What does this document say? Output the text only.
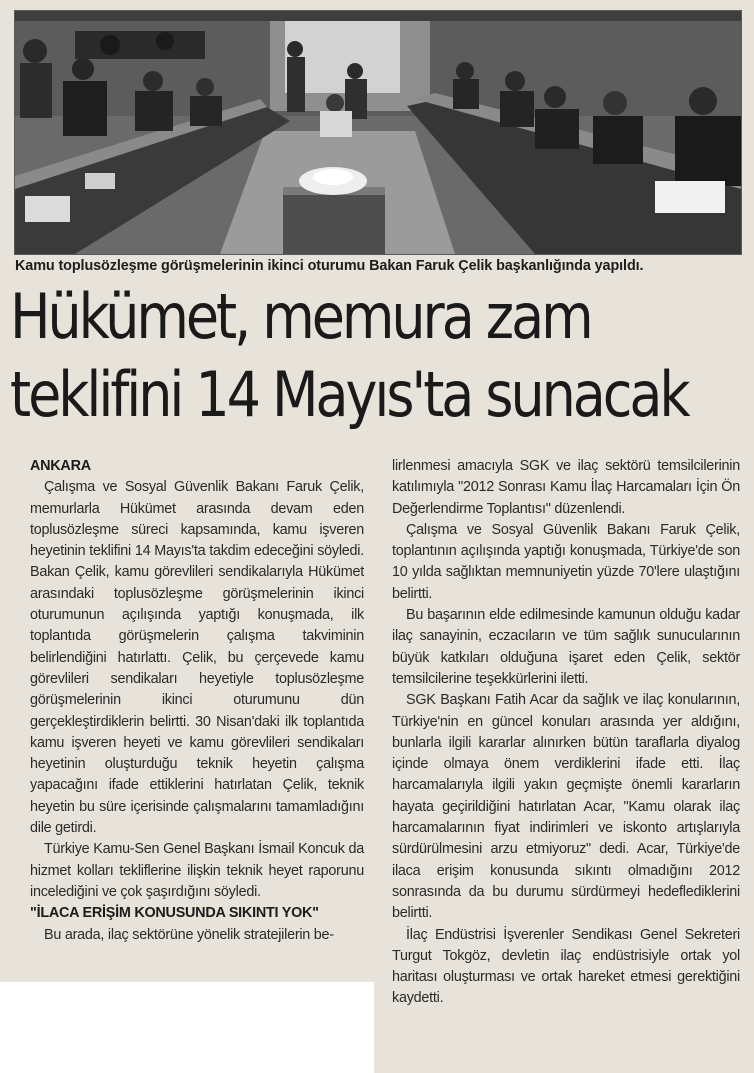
Kamu toplusözleşme görüşmelerinin ikinci oturumu Bakan Faruk Çelik başkanlığında yapıldı.

Hükümet, memura zam
teklifini 14 Mayıs'ta sunacak

ANKARA

Çalışma ve Sosyal Güvenlik Bakanı Faruk Çelik, memurlarla Hükümet arasında devam eden toplusözleşme süreci kapsamında, kamu işveren heyetinin teklifini 14 Mayıs'ta takdim edeceğini söyledi. Bakan Çelik, kamu görevlileri sendikalarıyla Hükümet arasındaki toplusözleşme görüşmelerinin ikinci oturumunun açılışında yaptığı konuşmada, ilk toplantıda görüşmelerin çalışma takviminin belirlendiğini hatırlattı. Çelik, bu çerçevede kamu görevlileri sendikaları heyetiyle toplusözleşme görüşmelerinin ikinci oturumunu dün gerçekleştirdiklerin belirtti. 30 Nisan'daki ilk toplantıda kamu işveren heyeti ve kamu görevlileri sendikaları heyetinin oluşturduğu teknik heyetin çalışma yapacağını ifade ettiklerini hatırlatan Çelik, teknik heyetin bu süre içerisinde çalışmalarını tamamladığını dile getirdi.

Türkiye Kamu-Sen Genel Başkanı İsmail Koncuk da hizmet kolları tekliflerine ilişkin teknik heyet raporunu incelediğini ve çok şaşırdığını söyledi.

"İLACA ERİŞİM KONUSUNDA SIKINTI YOK"

Bu arada, ilaç sektörüne yönelik stratejilerin be-

lirlenmesi amacıyla SGK ve ilaç sektörü temsilcilerinin katılımıyla "2012 Sonrası Kamu İlaç Harcamaları İçin Ön Değerlendirme Toplantısı" düzenlendi.

Çalışma ve Sosyal Güvenlik Bakanı Faruk Çelik, toplantının açılışında yaptığı konuşmada, Türkiye'de son 10 yılda sağlıktan memnuniyetin yüzde 70'lere ulaştığını belirtti.

Bu başarının elde edilmesinde kamunun olduğu kadar ilaç sanayinin, eczacıların ve tüm sağlık sunucularının büyük katkıları olduğuna işaret eden Çelik, sektör temsilcilerine teşekkürlerini iletti.

SGK Başkanı Fatih Acar da sağlık ve ilaç konularının, Türkiye'nin en güncel konuları arasında yer aldığını, bunlarla ilgili kararlar alınırken bütün taraflarla diyalog içinde olmaya önem verdiklerini ifade etti. İlaç harcamalarıyla ilgili yakın geçmişte önemli kararların hayata geçirildiğini hatırlatan Acar, "Kamu olarak ilaç harcamalarının fiyat indirimleri ve iskonto artışlarıyla sürdürülmesini arzu etmiyoruz" dedi. Acar, Türkiye'de ilaca erişim konusunda sıkıntı olmadığını 2012 sonrasında da bu durumu sürdürmeyi hedeflediklerini belirtti.

İlaç Endüstrisi İşverenler Sendikası Genel Sekreteri Turgut Tokgöz, devletin ilaç endüstrisiyle ortak yol haritası oluşturması ve ortak hareket etmesi gerektiğini kaydetti.
